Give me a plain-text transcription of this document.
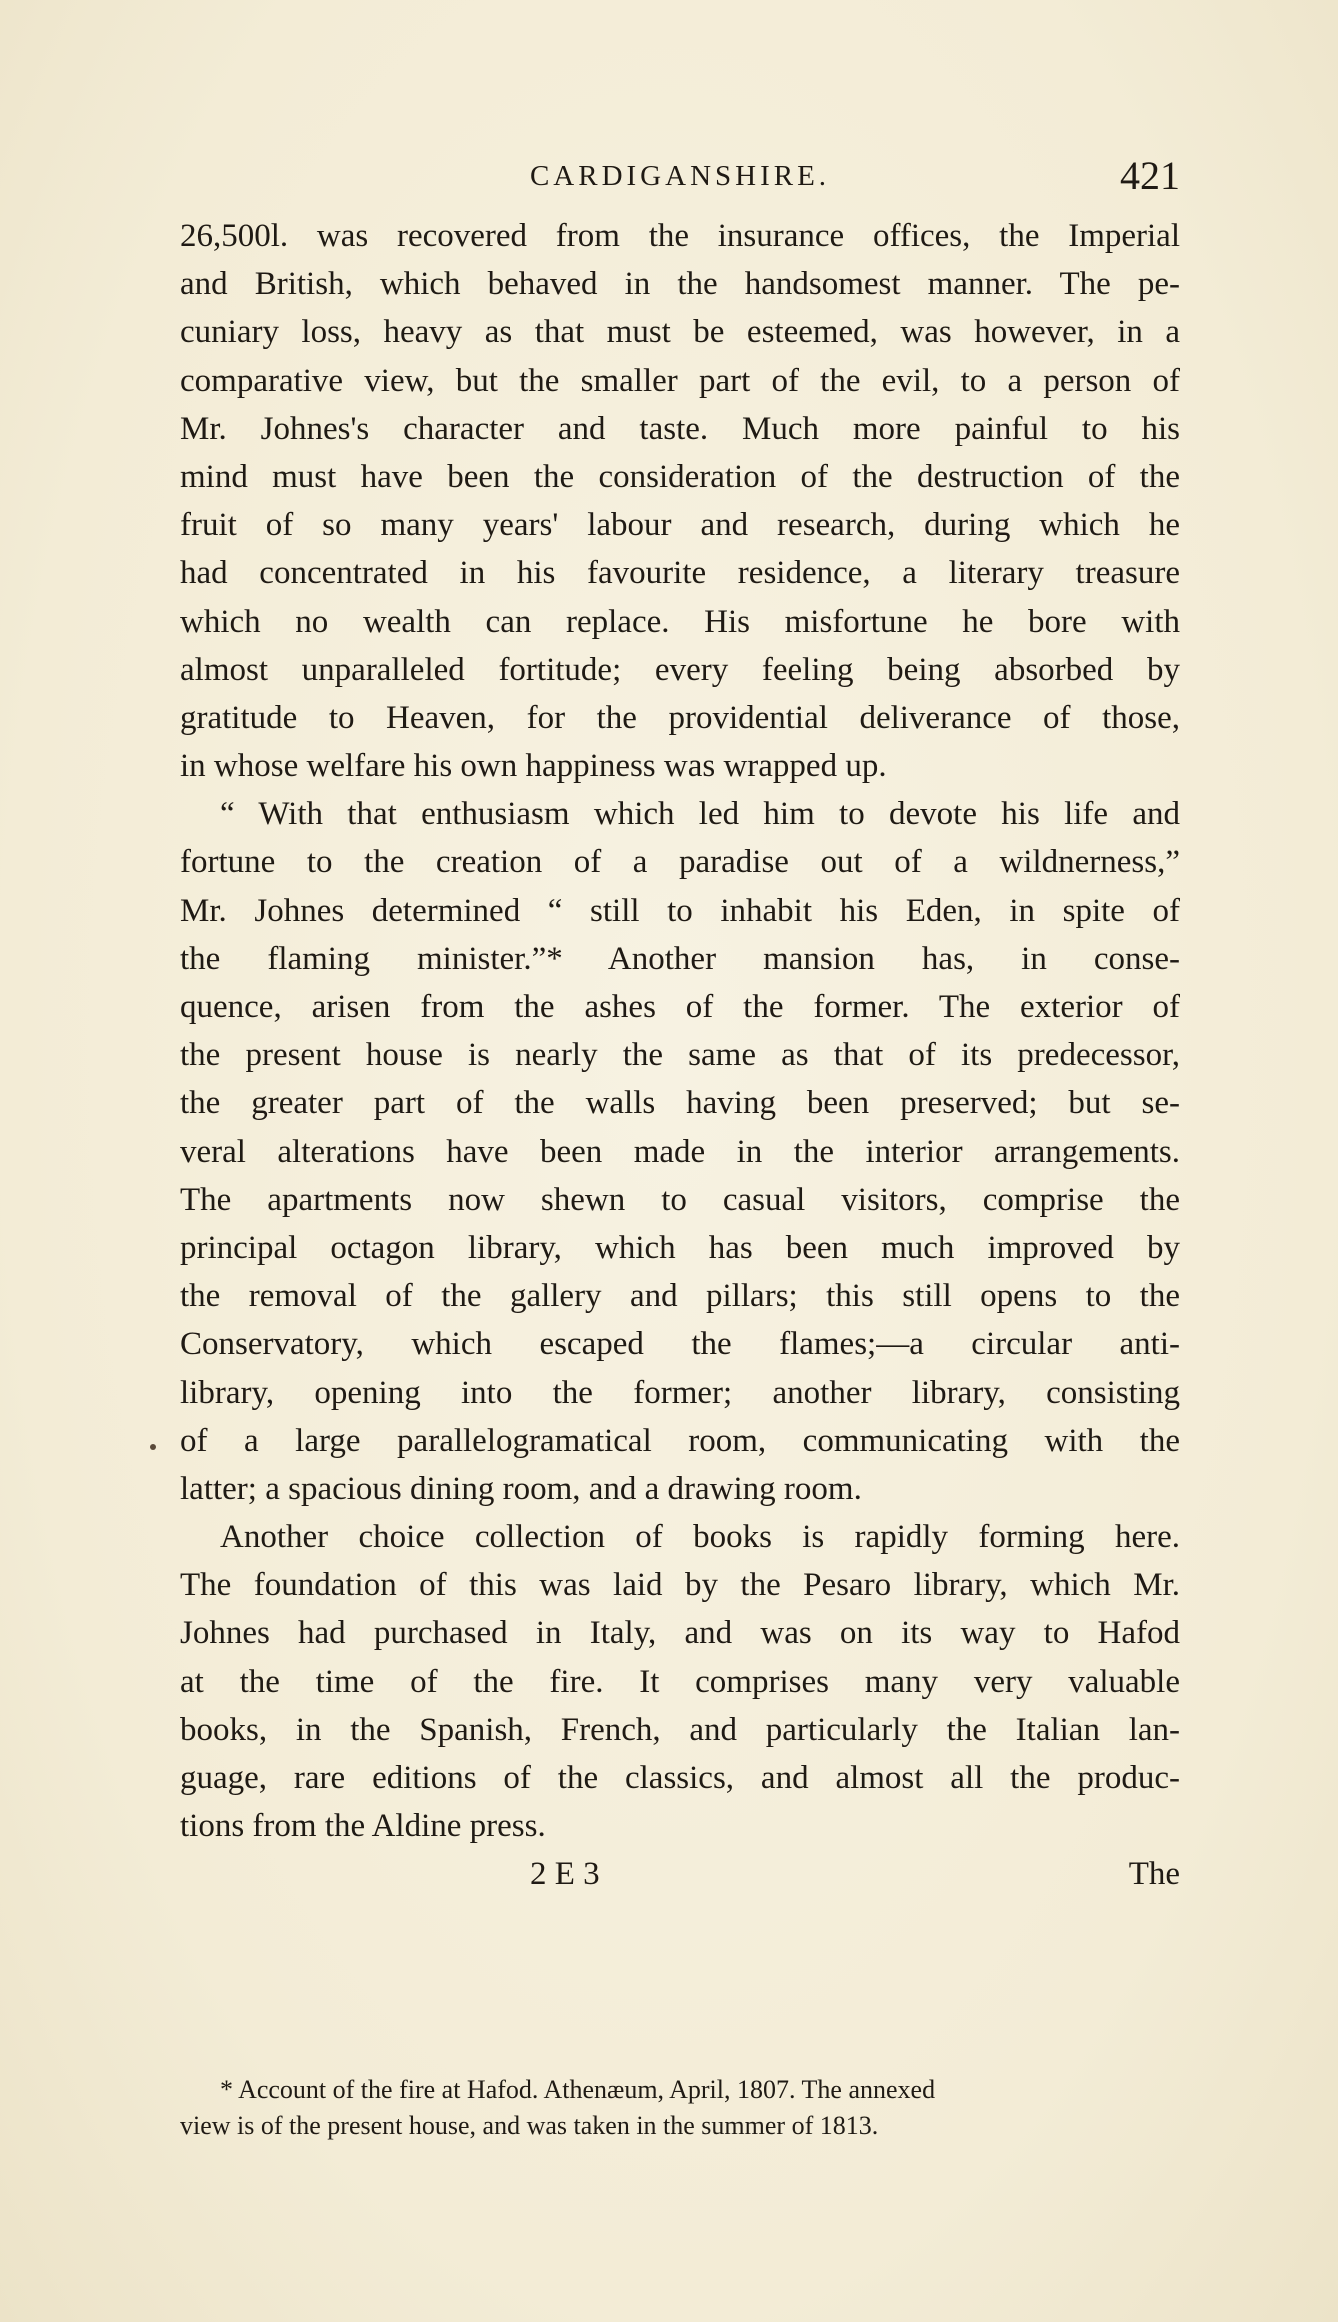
CARDIGANSHIRE.	421
26,500l. was recovered from the insurance offices, the Imperial
and British, which behaved in the handsomest manner. The pe-
cuniary loss, heavy as that must be esteemed, was however, in a
comparative view, but the smaller part of the evil, to a person of
Mr. Johnes's character and taste. Much more painful to his
mind must have been the consideration of the destruction of the
fruit of so many years' labour and research, during which he
had concentrated in his favourite residence, a literary treasure
which no wealth can replace. His misfortune he bore with
almost unparalleled fortitude; every feeling being absorbed by
gratitude to Heaven, for the providential deliverance of those,
in whose welfare his own happiness was wrapped up.
“ With that enthusiasm which led him to devote his life and
fortune to the creation of a paradise out of a wildnerness,”
Mr. Johnes determined “ still to inhabit his Eden, in spite of
the flaming minister.”* Another mansion has, in conse-
quence, arisen from the ashes of the former. The exterior of
the present house is nearly the same as that of its predecessor,
the greater part of the walls having been preserved; but se-
veral alterations have been made in the interior arrangements.
The apartments now shewn to casual visitors, comprise the
principal octagon library, which has been much improved by
the removal of the gallery and pillars; this still opens to the
Conservatory, which escaped the flames;—a circular anti-
library, opening into the former; another library, consisting
of a large parallelogramatical room, communicating with the
latter; a spacious dining room, and a drawing room.
Another choice collection of books is rapidly forming here.
The foundation of this was laid by the Pesaro library, which Mr.
Johnes had purchased in Italy, and was on its way to Hafod
at the time of the fire. It comprises many very valuable
books, in the Spanish, French, and particularly the Italian lan-
guage, rare editions of the classics, and almost all the produc-
tions from the Aldine press.
2 E 3	The
* Account of the fire at Hafod. Athenæum, April, 1807. The annexed
view is of the present house, and was taken in the summer of 1813.
